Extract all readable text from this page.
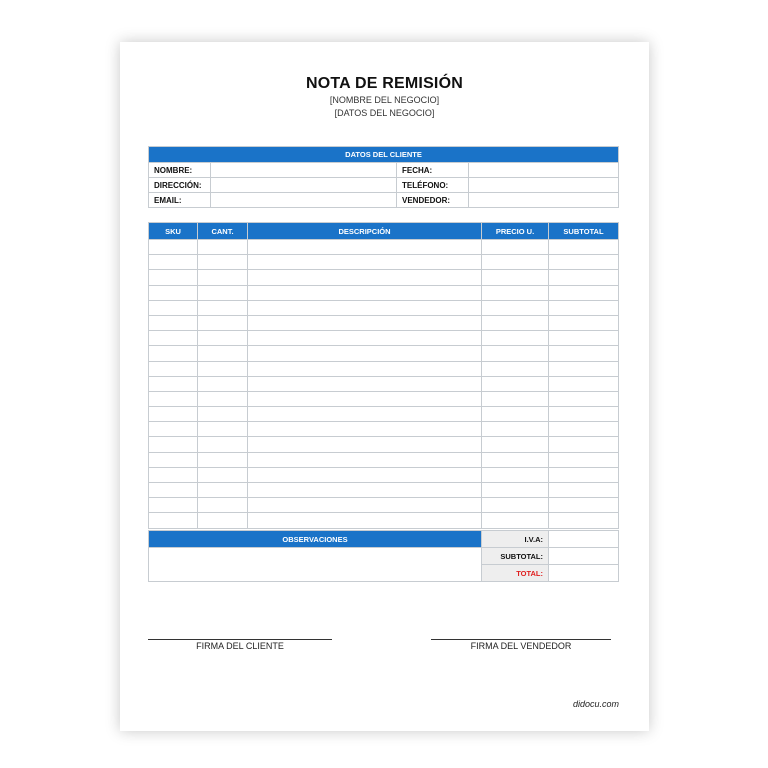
NOTA DE REMISIÓN
[NOMBRE DEL NEGOCIO]
[DATOS DEL NEGOCIO]
DATOS DEL CLIENTE			
NOMBRE:		FECHA:	
DIRECCIÓN:		TELÉFONO:	
EMAIL:		VENDEDOR:	
SKU	CANT.	DESCRIPCIÓN	PRECIO U.	SUBTOTAL

OBSERVACIONES	I.V.A:	
	SUBTOTAL:	
	TOTAL:	
FIRMA DEL CLIENTE	FIRMA DEL VENDEDOR
didocu.com
